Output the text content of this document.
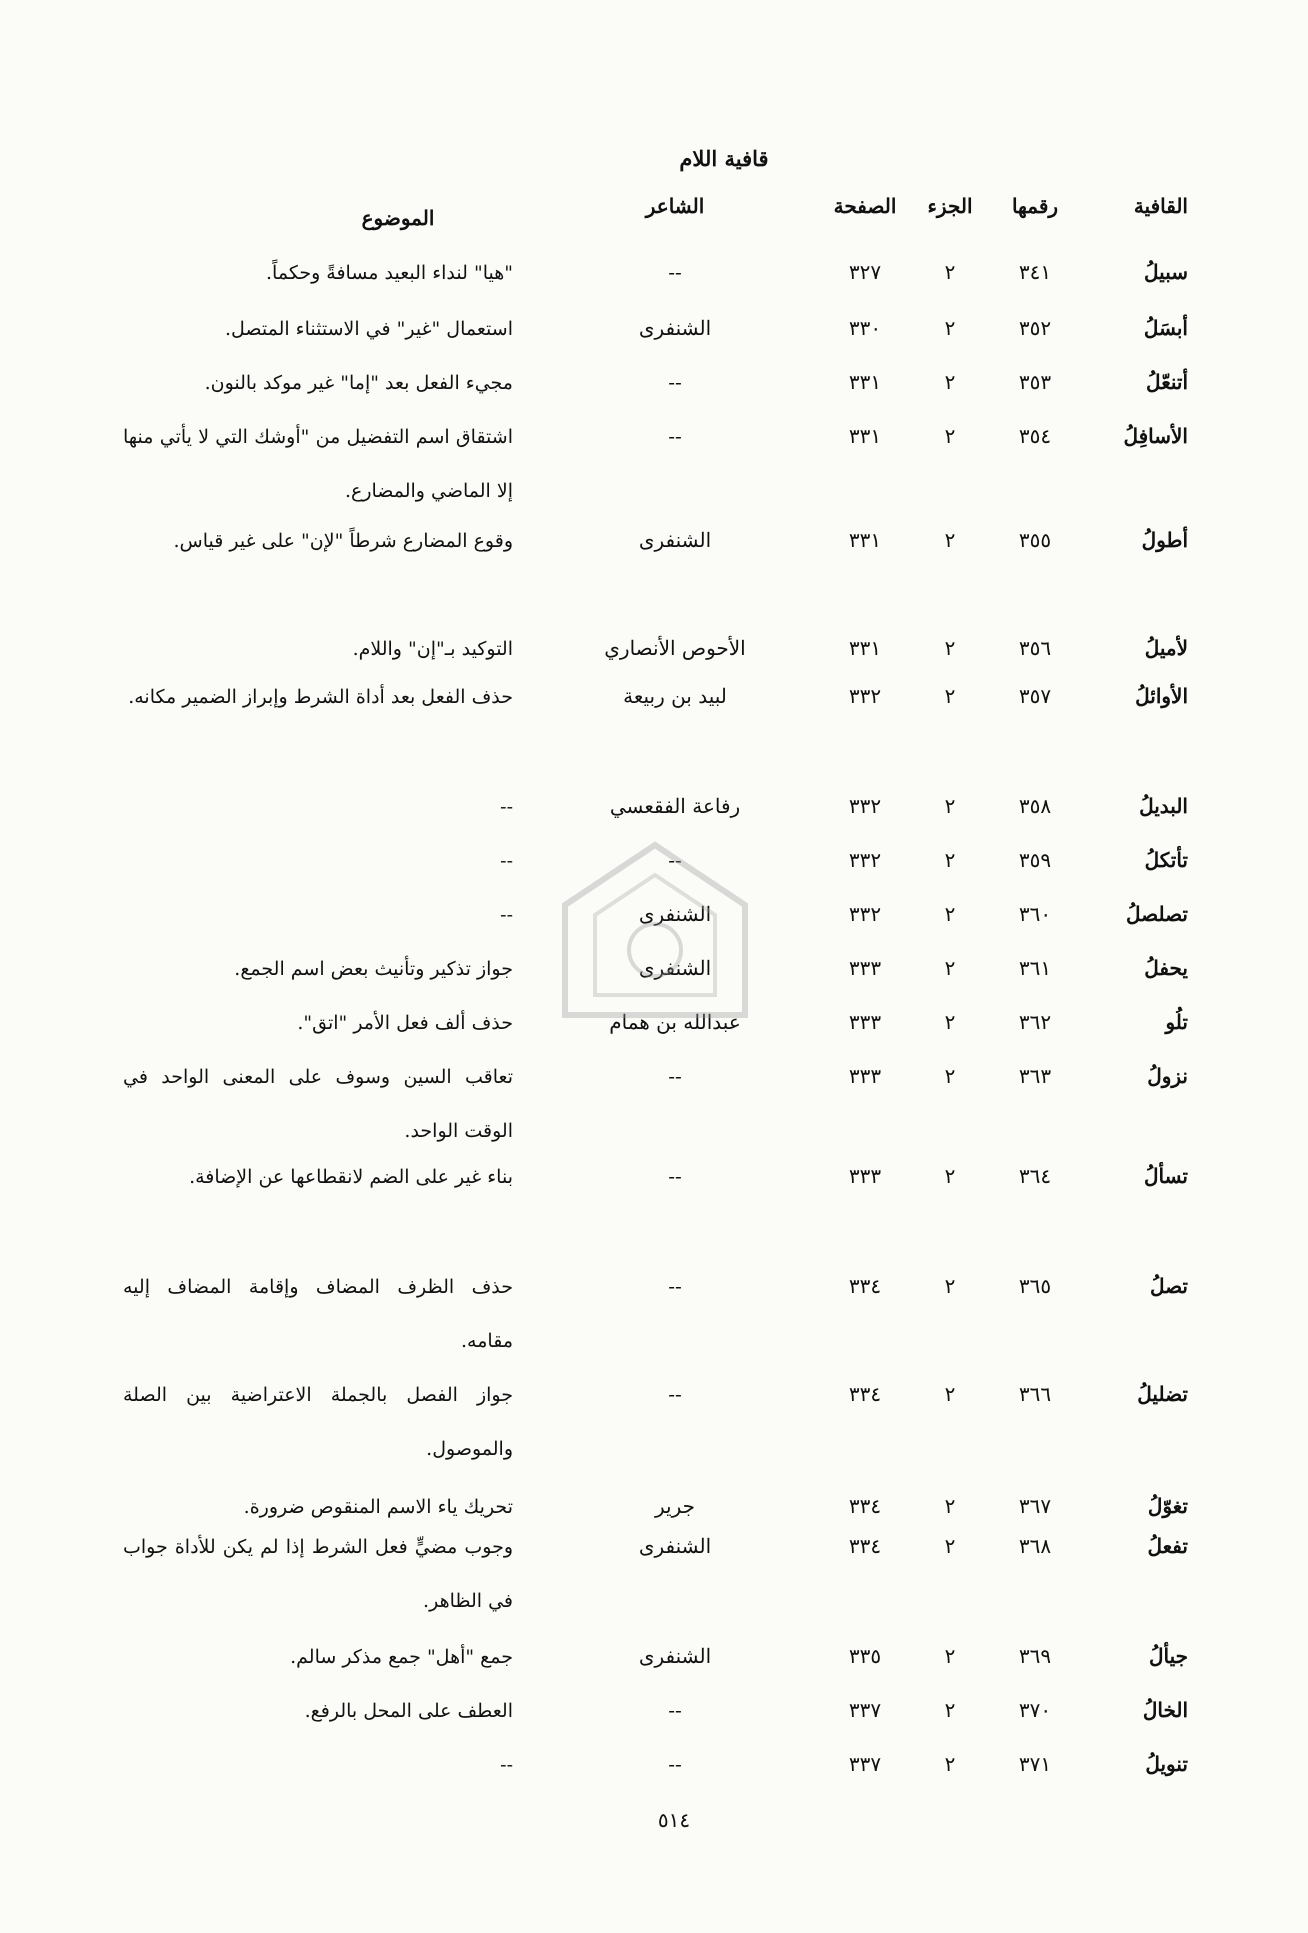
قافية اللام
القافية
رقمها
الجزء
الصفحة
الشاعر
الموضوع
سبيلُ
٣٤١
٢
٣٢٧
--
"هيا" لنداء البعيد مسافةً وحكماً.
أبسَلُ
٣٥٢
٢
٣٣٠
الشنفرى
استعمال "غير" في الاستثناء المتصل.
أتنعّلُ
٣٥٣
٢
٣٣١
--
مجيء الفعل بعد "إما" غير موكد بالنون.
الأسافِلُ
٣٥٤
٢
٣٣١
--
اشتقاق اسم التفضيل من "أوشك التي لا يأتي منها إلا الماضي والمضارع.
أطولُ
٣٥٥
٢
٣٣١
الشنفرى
وقوع المضارع شرطاً "لإن" على غير قياس.
لأميلُ
٣٥٦
٢
٣٣١
الأحوص الأنصاري
التوكيد بـ"إن" واللام.
الأوائلُ
٣٥٧
٢
٣٣٢
لبيد بن ربيعة
حذف الفعل بعد أداة الشرط وإبراز الضمير مكانه.
البديلُ
٣٥٨
٢
٣٣٢
رفاعة الفقعسي
--
تأتكلُ
٣٥٩
٢
٣٣٢
--
--
تصلصلُ
٣٦٠
٢
٣٣٢
الشنفرى
--
يحفلُ
٣٦١
٢
٣٣٣
الشنفرى
جواز تذكير وتأنيث بعض اسم الجمع.
تلُو
٣٦٢
٢
٣٣٣
عبدالله بن همام
حذف ألف فعل الأمر "اتق".
نزولُ
٣٦٣
٢
٣٣٣
--
تعاقب السين وسوف على المعنى الواحد في الوقت الواحد.
تسألُ
٣٦٤
٢
٣٣٣
--
بناء غير على الضم لانقطاعها عن الإضافة.
تصلُ
٣٦٥
٢
٣٣٤
--
حذف الظرف المضاف وإقامة المضاف إليه مقامه.
تضليلُ
٣٦٦
٢
٣٣٤
--
جواز الفصل بالجملة الاعتراضية بين الصلة والموصول.
تغوّلُ
٣٦٧
٢
٣٣٤
جرير
تحريك ياء الاسم المنقوص ضرورة.
تفعلُ
٣٦٨
٢
٣٣٤
الشنفرى
وجوب مضيٍّ فعل الشرط إذا لم يكن للأداة جواب في الظاهر.
جيألُ
٣٦٩
٢
٣٣٥
الشنفرى
جمع "أهل" جمع مذكر سالم.
الخالُ
٣٧٠
٢
٣٣٧
--
العطف على المحل بالرفع.
تنويلُ
٣٧١
٢
٣٣٧
--
--
٥١٤
